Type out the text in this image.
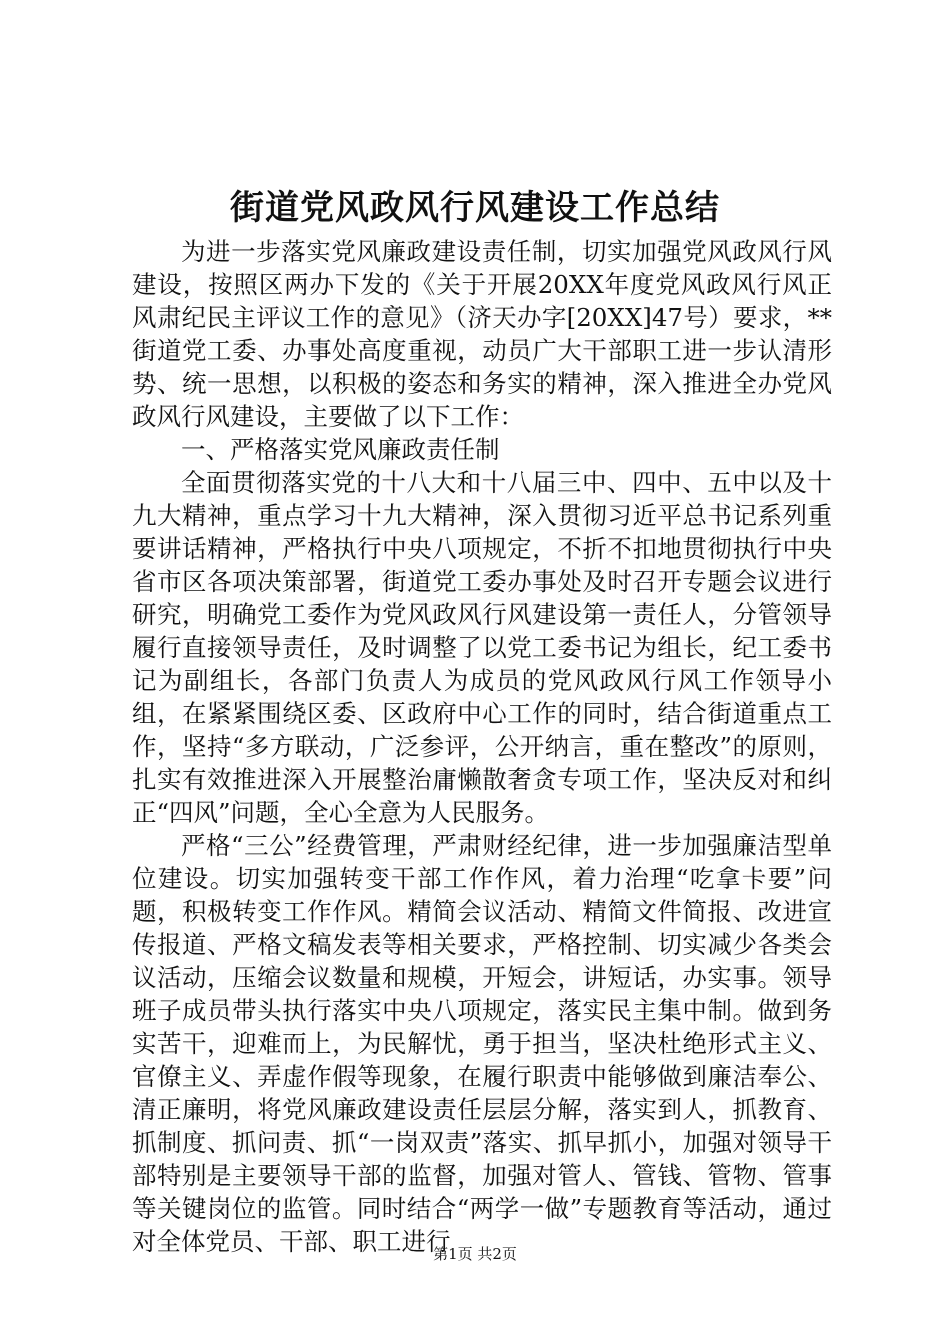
街道党风政风行风建设工作总结

为进一步落实党风廉政建设责任制，切实加强党风政风行风建设，按照区两办下发的《关于开展20XX年度党风政风行风正风肃纪民主评议工作的意见》（济天办字[20XX]47号）要求，**街道党工委、办事处高度重视，动员广大干部职工进一步认清形势、统一思想，以积极的姿态和务实的精神，深入推进全办党风政风行风建设，主要做了以下工作：

一、严格落实党风廉政责任制

全面贯彻落实党的十八大和十八届三中、四中、五中以及十九大精神，重点学习十九大精神，深入贯彻习近平总书记系列重要讲话精神，严格执行中央八项规定，不折不扣地贯彻执行中央省市区各项决策部署，街道党工委办事处及时召开专题会议进行研究，明确党工委作为党风政风行风建设第一责任人，分管领导履行直接领导责任，及时调整了以党工委书记为组长，纪工委书记为副组长，各部门负责人为成员的党风政风行风工作领导小组，在紧紧围绕区委、区政府中心工作的同时，结合街道重点工作，坚持“多方联动，广泛参评，公开纳言，重在整改”的原则，扎实有效推进深入开展整治庸懒散奢贪专项工作，坚决反对和纠正“四风”问题，全心全意为人民服务。

严格“三公”经费管理，严肃财经纪律，进一步加强廉洁型单位建设。切实加强转变干部工作作风，着力治理“吃拿卡要”问题，积极转变工作作风。精简会议活动、精简文件简报、改进宣传报道、严格文稿发表等相关要求，严格控制、切实减少各类会议活动，压缩会议数量和规模，开短会，讲短话，办实事。领导班子成员带头执行落实中央八项规定，落实民主集中制。做到务实苦干，迎难而上，为民解忧，勇于担当，坚决杜绝形式主义、官僚主义、弄虚作假等现象，在履行职责中能够做到廉洁奉公、清正廉明，将党风廉政建设责任层层分解，落实到人，抓教育、抓制度、抓问责、抓“一岗双责”落实、抓早抓小，加强对领导干部特别是主要领导干部的监督，加强对管人、管钱、管物、管事等关键岗位的监管。同时结合“两学一做”专题教育等活动，通过对全体党员、干部、职工进行

第1页 共2页
